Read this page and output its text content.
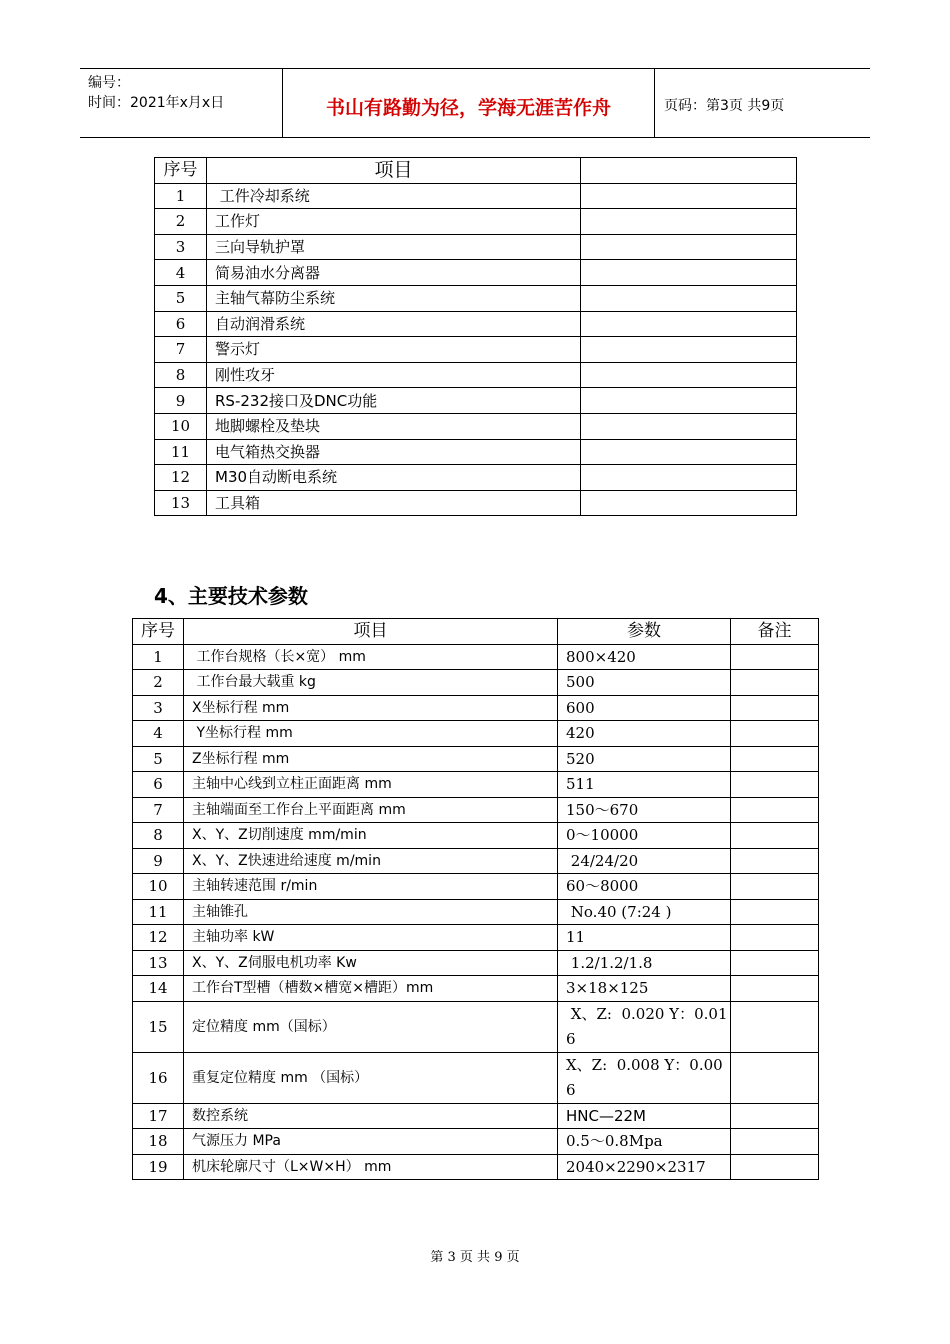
编号：
时间：2021年x月x日	书山有路勤为径，学海无涯苦作舟	页码：第3页 共9页
序号	项目	
1	工件冷却系统	
2	工作灯	
3	三向导轨护罩	
4	简易油水分离器	
5	主轴气幕防尘系统	
6	自动润滑系统	
7	警示灯	
8	刚性攻牙	
9	RS-232接口及DNC功能	
10	地脚螺栓及垫块	
11	电气箱热交换器	
12	M30自动断电系统	
13	工具箱	
4、主要技术参数
序号	项目	参数	备注
1	工作台规格（长×宽） mm	800×420	
2	工作台最大载重 kg	500	
3	X坐标行程 mm	600	
4	Y坐标行程 mm	420	
5	Z坐标行程 mm	520	
6	主轴中心线到立柱正面距离 mm	511	
7	主轴端面至工作台上平面距离 mm	150～670	
8	X、Y、Z切削速度 mm/min	0～10000	
9	X、Y、Z快速进给速度 m/min	24/24/20	
10	主轴转速范围 r/min	60～8000	
11	主轴锥孔	No.40 (7:24 )	
12	主轴功率 kW	11	
13	X、Y、Z伺服电机功率 Kw	1.2/1.2/1.8	
14	工作台T型槽（槽数×槽宽×槽距）mm	3×18×125	
15	定位精度 mm（国标）	X、Z:  0.020 Y：0.016	
16	重复定位精度 mm （国标）	X、Z:  0.008 Y：0.006	
17	数控系统	HNC—22M	
18	气源压力 MPa	0.5～0.8Mpa	
19	机床轮廓尺寸（L×W×H） mm	2040×2290×2317	
第 3 页 共 9 页
